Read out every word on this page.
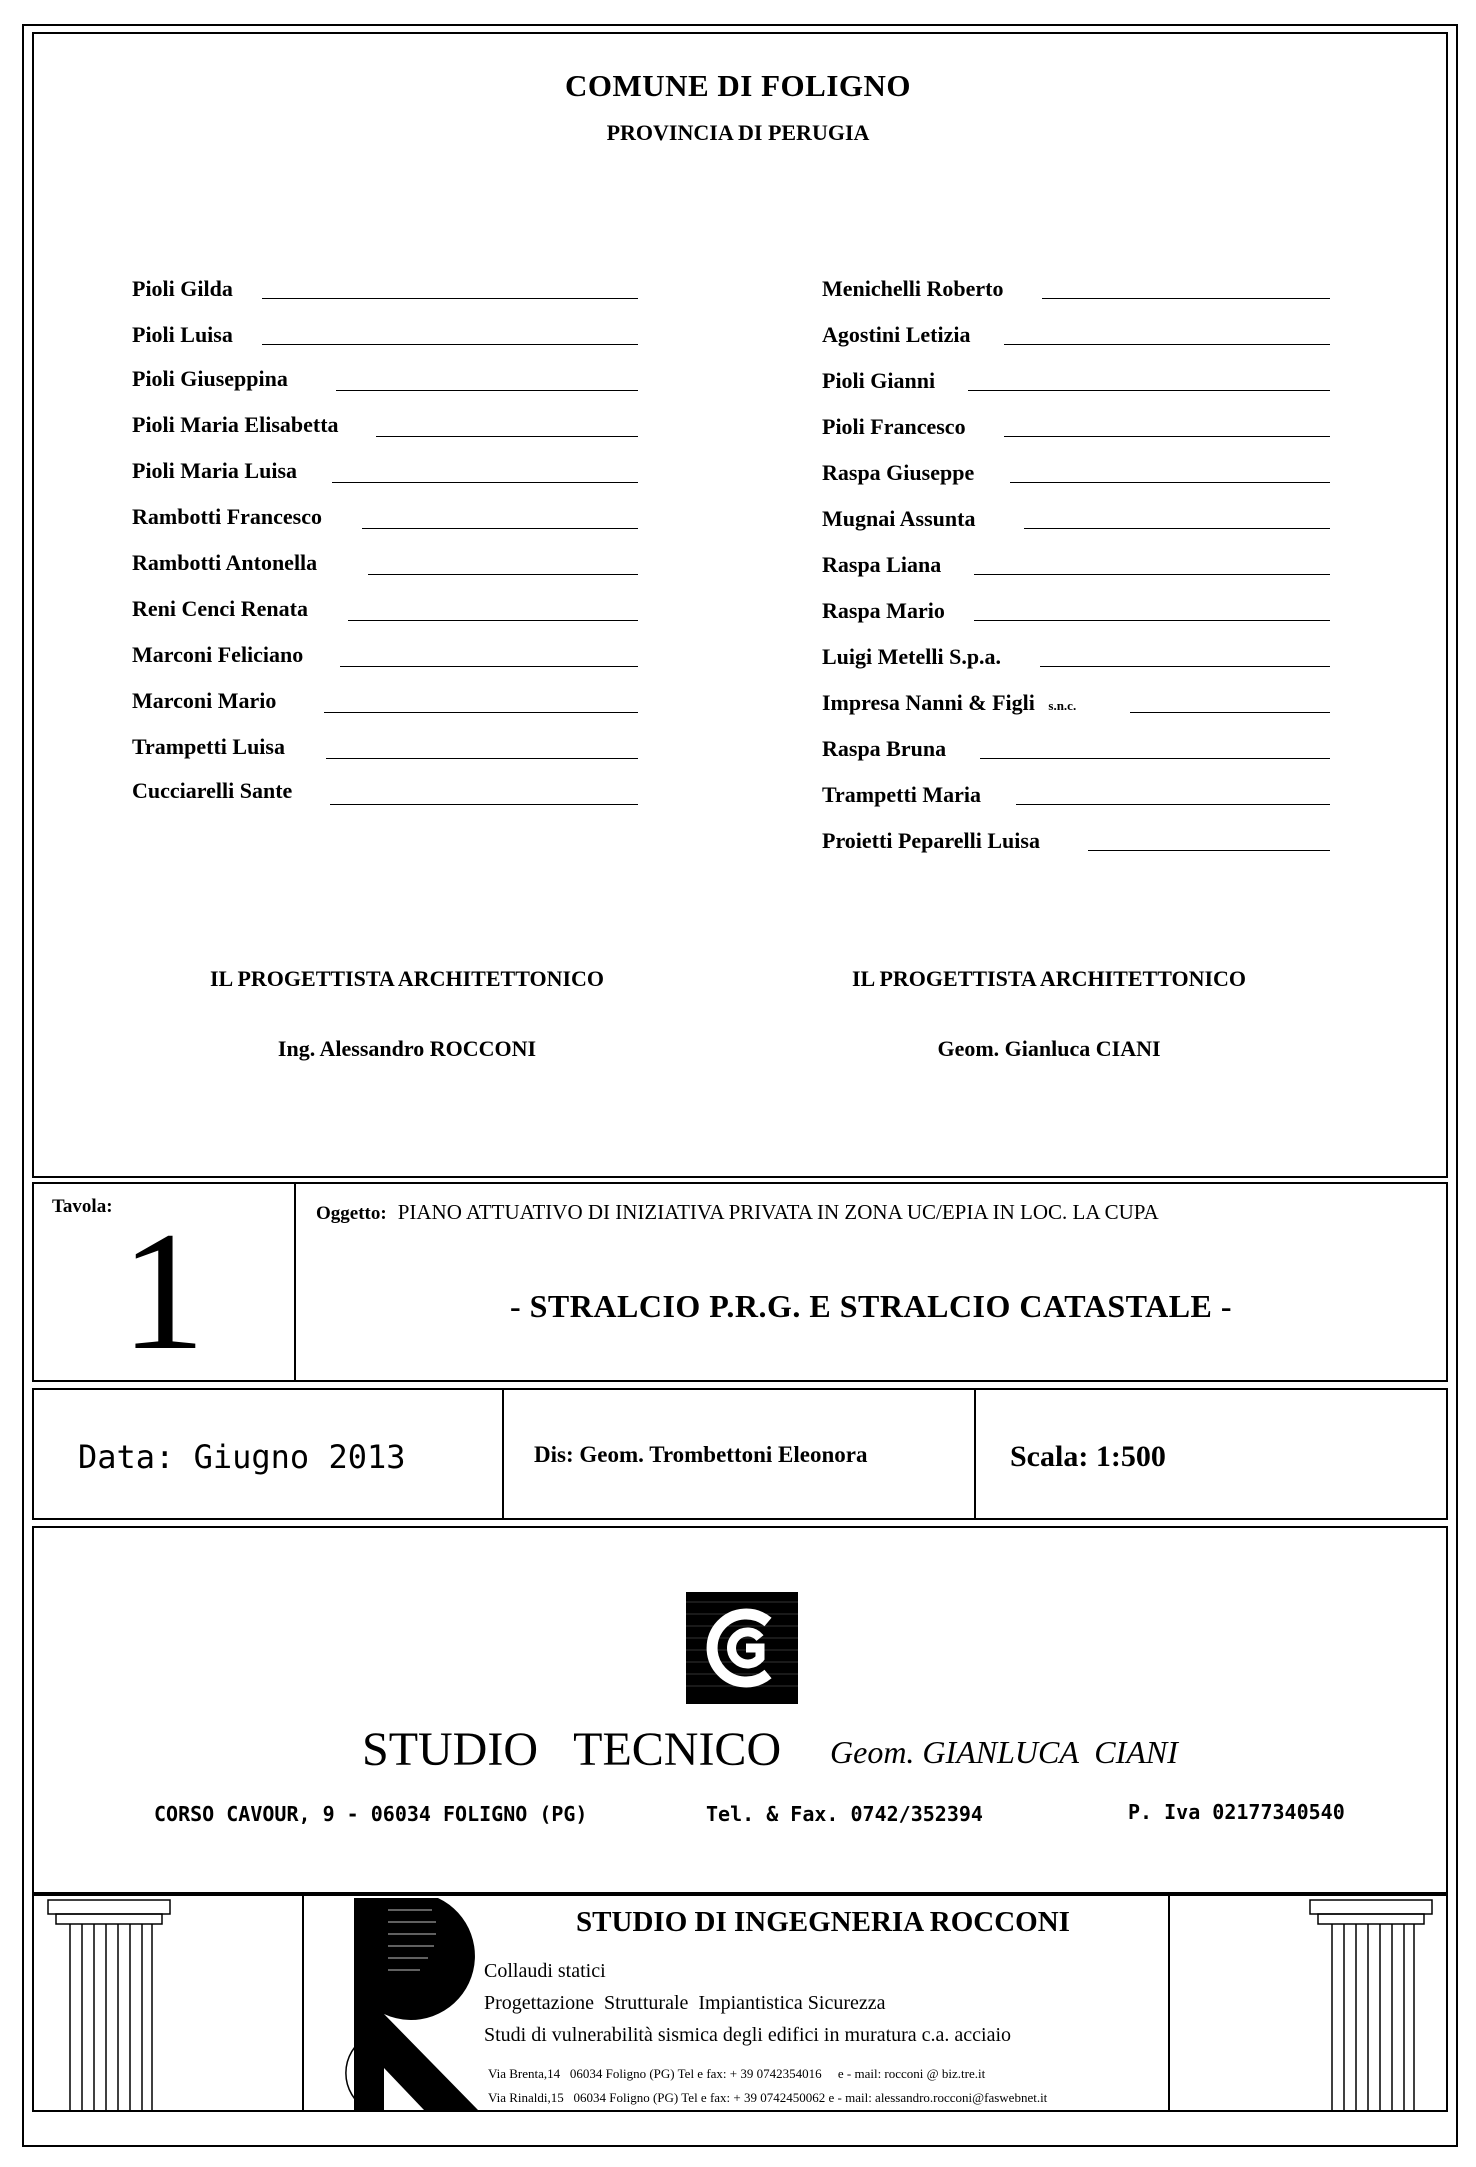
COMUNE DI FOLIGNO
PROVINCIA DI PERUGIA
Pioli Gilda
Pioli Luisa
Pioli Giuseppina
Pioli Maria Elisabetta
Pioli Maria Luisa
Rambotti Francesco
Rambotti Antonella
Reni Cenci Renata
Marconi Feliciano
Marconi Mario
Trampetti Luisa
Cucciarelli Sante
Menichelli Roberto
Agostini Letizia
Pioli Gianni
Pioli Francesco
Raspa Giuseppe
Mugnai Assunta
Raspa Liana
Raspa Mario
Luigi Metelli S.p.a.
Impresa Nanni & Figli s.n.c.
Raspa Bruna
Trampetti Maria
Proietti Peparelli Luisa
IL PROGETTISTA ARCHITETTONICO
Ing. Alessandro ROCCONI
IL PROGETTISTA ARCHITETTONICO
Geom. Gianluca CIANI
Tavola: 1	Oggetto: PIANO ATTUATIVO DI INIZIATIVA PRIVATA IN ZONA UC/EPIA IN LOC. LA CUPA
- STRALCIO P.R.G. E STRALCIO CATASTALE -
Data: Giugno 2013	Dis: Geom. Trombettoni Eleonora	Scala: 1:500
STUDIO   TECNICO Geom. GIANLUCA  CIANI
CORSO CAVOUR, 9 - 06034 FOLIGNO (PG)	Tel. & Fax. 0742/352394	P. Iva 02177340540
STUDIO DI INGEGNERIA ROCCONI
Collaudi statici
Progettazione  Strutturale  Impiantistica Sicurezza
Studi di vulnerabilità sismica degli edifici in muratura c.a. acciaio
Via Brenta,14   06034 Foligno (PG) Tel e fax: + 39 0742354016     e - mail: rocconi @ biz.tre.it
Via Rinaldi,15   06034 Foligno (PG) Tel e fax: + 39 0742450062 e - mail: alessandro.rocconi@faswebnet.it
